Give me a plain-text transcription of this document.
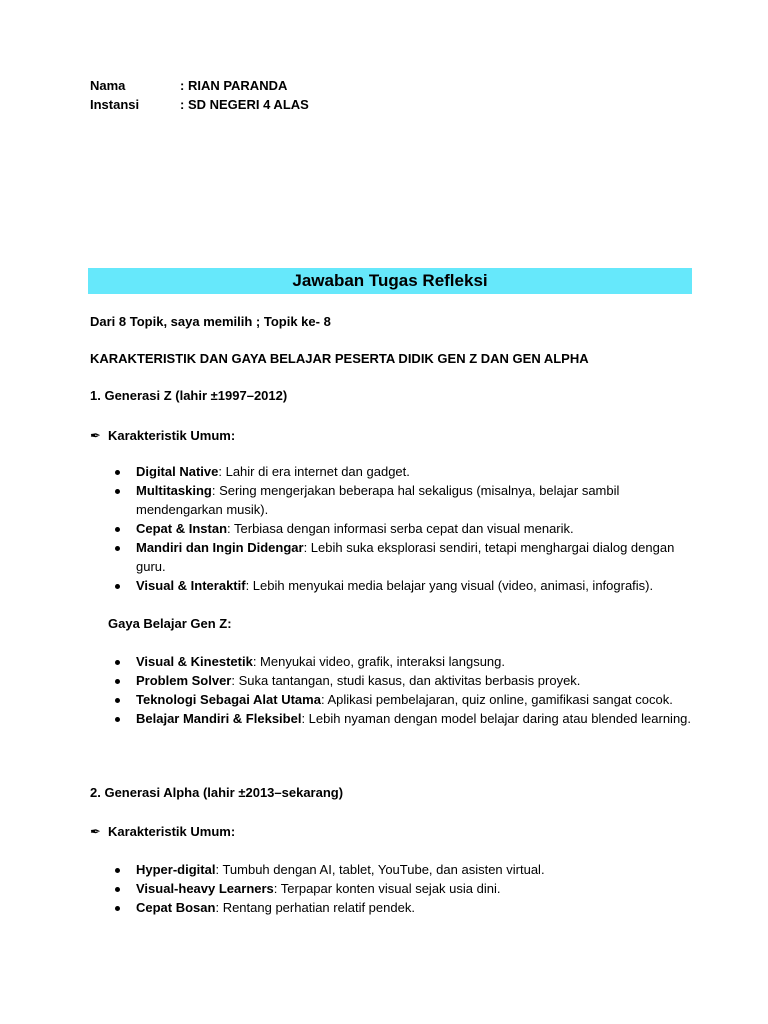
Nama	: RIAN PARANDA
Instansi	: SD NEGERI 4 ALAS
Jawaban Tugas Refleksi
Dari 8 Topik, saya memilih ; Topik ke- 8
KARAKTERISTIK DAN GAYA BELAJAR PESERTA DIDIK GEN Z DAN GEN ALPHA
1. Generasi Z (lahir ±1997–2012)
✒ Karakteristik Umum:
Digital Native: Lahir di era internet dan gadget.
Multitasking: Sering mengerjakan beberapa hal sekaligus (misalnya, belajar sambil mendengarkan musik).
Cepat & Instan: Terbiasa dengan informasi serba cepat dan visual menarik.
Mandiri dan Ingin Didengar: Lebih suka eksplorasi sendiri, tetapi menghargai dialog dengan guru.
Visual & Interaktif: Lebih menyukai media belajar yang visual (video, animasi, infografis).
Gaya Belajar Gen Z:
Visual & Kinestetik: Menyukai video, grafik, interaksi langsung.
Problem Solver: Suka tantangan, studi kasus, dan aktivitas berbasis proyek.
Teknologi Sebagai Alat Utama: Aplikasi pembelajaran, quiz online, gamifikasi sangat cocok.
Belajar Mandiri & Fleksibel: Lebih nyaman dengan model belajar daring atau blended learning.
2. Generasi Alpha (lahir ±2013–sekarang)
✒ Karakteristik Umum:
Hyper-digital: Tumbuh dengan AI, tablet, YouTube, dan asisten virtual.
Visual-heavy Learners: Terpapar konten visual sejak usia dini.
Cepat Bosan: Rentang perhatian relatif pendek.
